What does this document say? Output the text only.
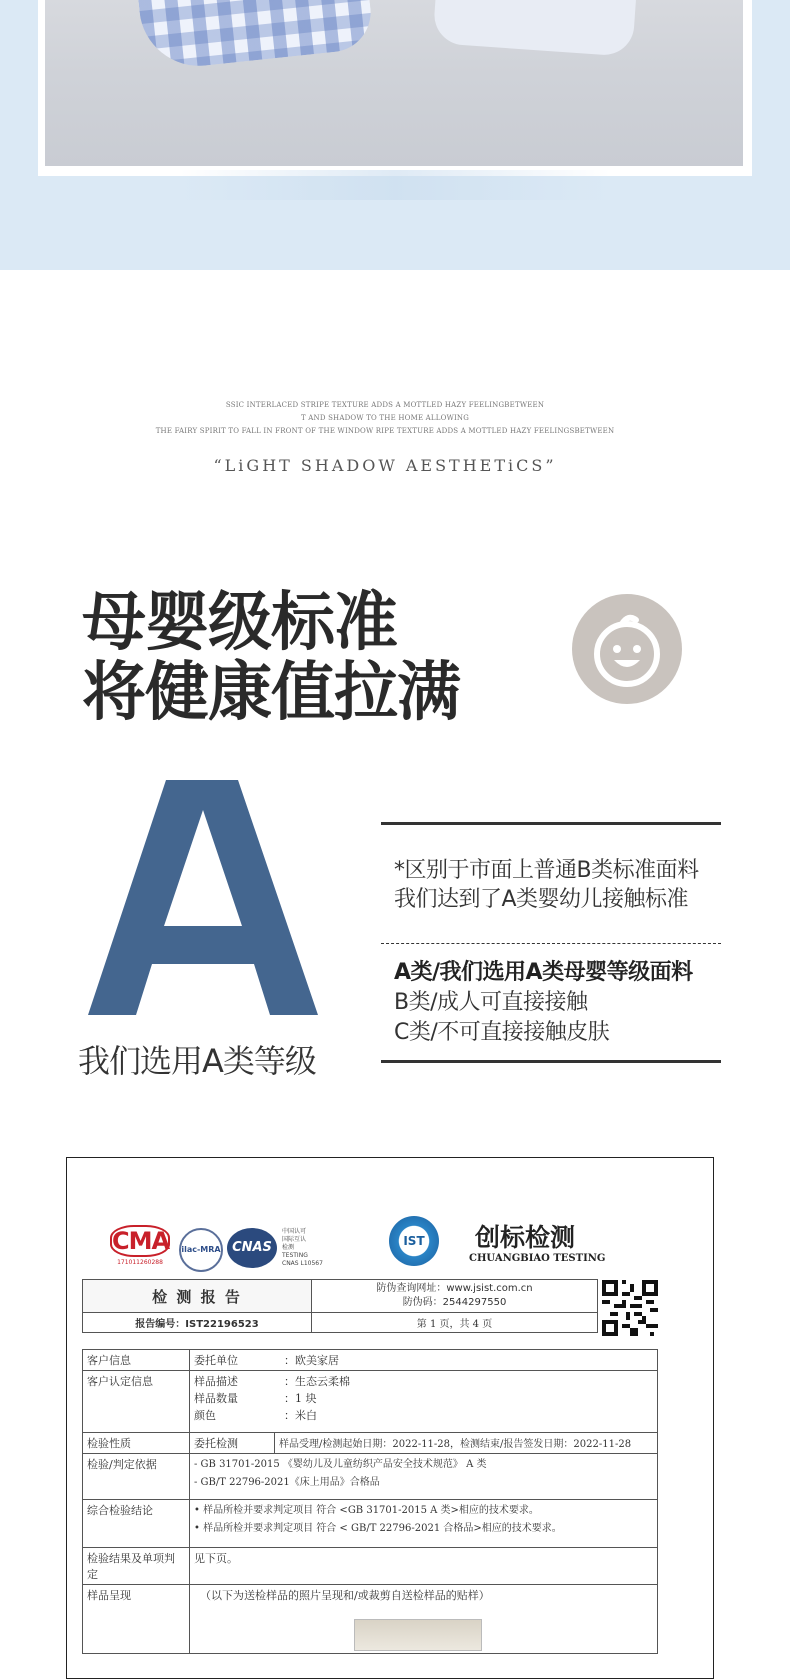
SSIC INTERLACED STRIPE TEXTURE ADDS A MOTTLED HAZY FEELINGBETWEEN
T AND SHADOW TO THE HOME ALLOWING
THE FAIRY SPIRIT TO FALL IN FRONT OF THE WINDOW RIPE TEXTURE ADDS A MOTTLED HAZY FEELINGSBETWEEN
“LiGHT SHADOW AESTHETiCS”
母婴级标准
将健康值拉满
我们选用A类等级
*区别于市面上普通B类标准面料
我们达到了A类婴幼儿接触标准
A类/我们选用A类母婴等级面料
B类/成人可直接接触
C类/不可直接接触皮肤
CMA
171011260288
ilac-MRA CNAS
中国认可
国际互认
检测
TESTING
CNAS L10567
IST	创标检测
CHUANGBIAO TESTING
检 测 报 告	防伪查询网址：www.jsist.com.cn
防伪码：2544297550

报告编号：IST22196523	第 1 页，共 4 页
客户信息	委托单位 ：欧美家居	
客户认定信息	样品描述 ：生态云柔棉
样品数量 ：1 块
颜色 ：米白	

检验性质	委托检测	样品受理/检测起始日期：2022-11-28，检测结束/报告签发日期：2022-11-28
检验/判定依据	- GB 31701-2015 《婴幼儿及儿童纺织产品安全技术规范》 A 类
- GB/T 22796-2021《床上用品》合格品	

综合检验结论	• 样品所检并要求判定项目 符合 <GB 31701-2015 A 类>相应的技术要求。
• 样品所检并要求判定项目 符合 < GB/T 22796-2021 合格品>相应的技术要求。	

检验结果及单项判定	见下页。	
样品呈现	（以下为送检样品的照片呈现和/或裁剪自送检样品的贴样）	
